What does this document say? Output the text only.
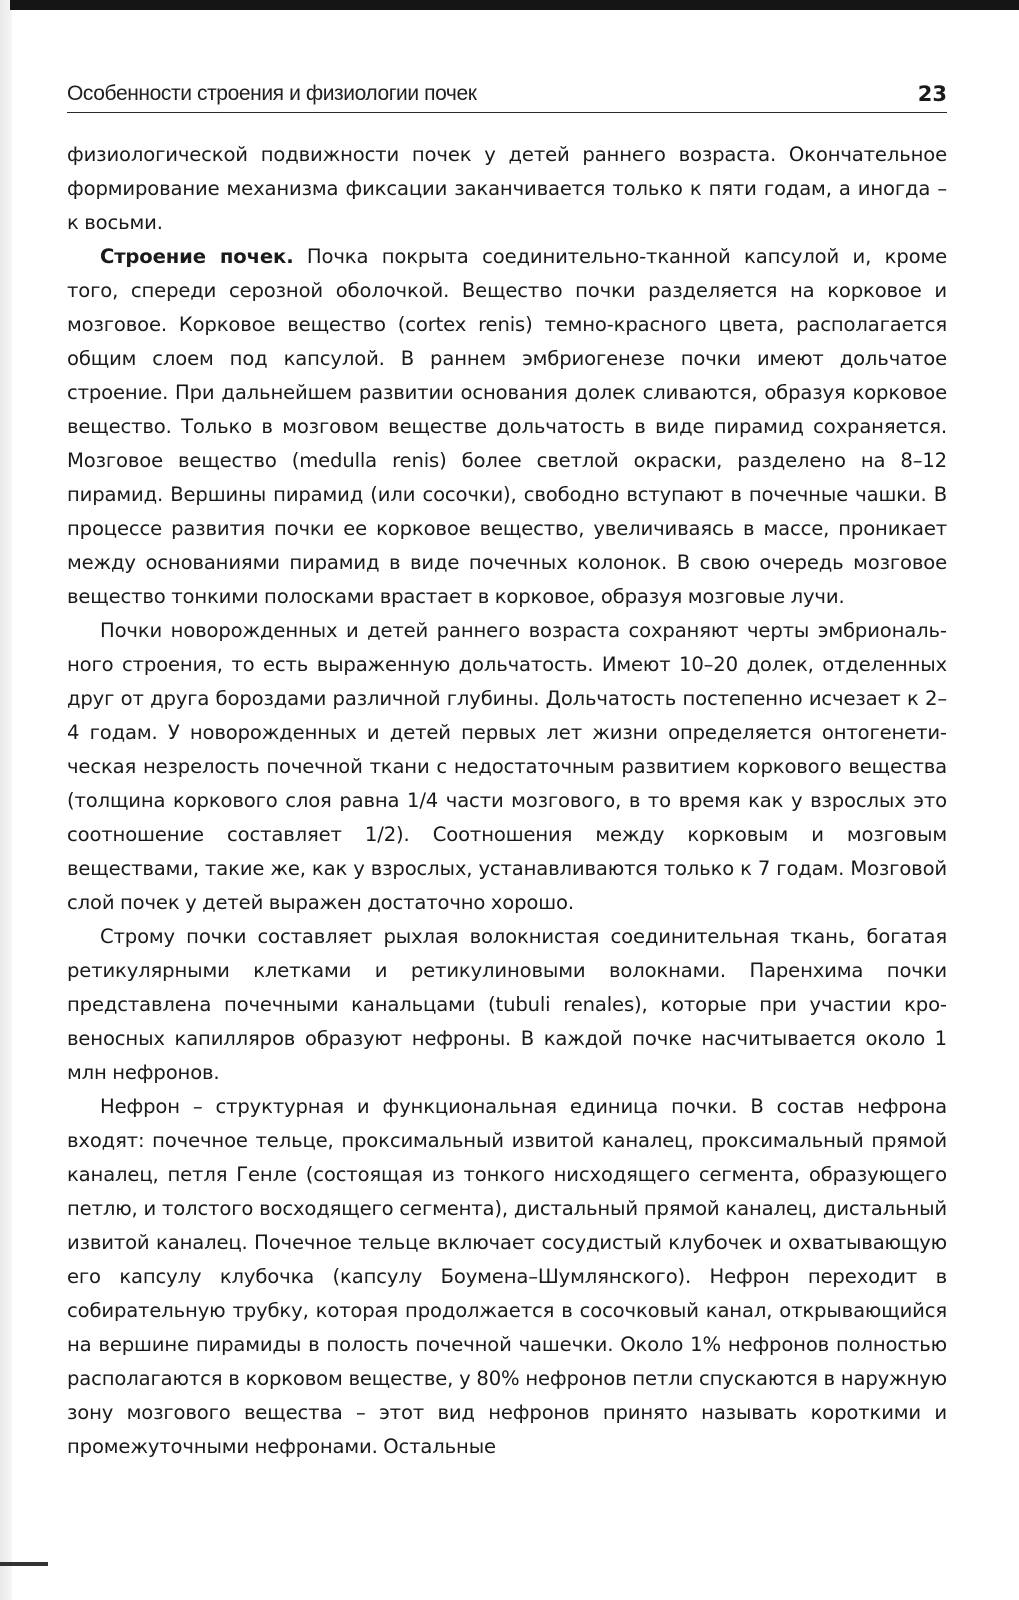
Особенности строения и физиологии почек	23

физиологической подвижности почек у детей раннего возраста. Окончательное формирование механизма фиксации заканчивается только к пяти годам, а иногда – к восьми.

Строение почек. Почка покрыта соединительно-тканной капсулой и, кроме того, спереди серозной оболочкой. Вещество почки разделяется на корковое и мозговое. Корковое вещество (cortex renis) темно-красного цвета, располагается общим слоем под капсулой. В раннем эмбриогенезе почки имеют дольчатое строение. При дальнейшем развитии основания долек сливаются, образуя корковое вещество. Только в мозговом веществе дольчатость в виде пирамид сохраняется. Мозговое вещество (medulla renis) более светлой окраски, разделено на 8–12 пирамид. Вершины пирамид (или сосочки), свободно вступают в почечные чашки. В процессе развития почки ее корковое вещество, увеличиваясь в массе, проникает между основаниями пирамид в виде почечных колонок. В свою очередь мозговое вещество тонкими полосками врастает в корковое, образуя мозговые лучи.

Почки новорожденных и детей раннего возраста сохраняют черты эмбрионального строения, то есть выраженную дольчатость. Имеют 10–20 долек, отделенных друг от друга бороздами различной глубины. Дольчатость постепенно исчезает к 2–4 годам. У новорожденных и детей первых лет жизни определяется онтогенетическая незрелость почечной ткани с недостаточным развитием коркового вещества (толщина коркового слоя равна 1/4 части мозгового, в то время как у взрослых это соотношение составляет 1/2). Соотношения между корковым и мозговым веществами, такие же, как у взрослых, устанавливаются только к 7 годам. Мозговой слой почек у детей выражен достаточно хорошо.

Строму почки составляет рыхлая волокнистая соединительная ткань, богатая ретикулярными клетками и ретикулиновыми волокнами. Паренхима почки представлена почечными канальцами (tubuli renales), которые при участии кровеносных капилляров образуют нефроны. В каждой почке насчитывается около 1 млн нефронов.

Нефрон – структурная и функциональная единица почки. В состав нефрона входят: почечное тельце, проксимальный извитой каналец, проксимальный прямой каналец, петля Генле (состоящая из тонкого нисходящего сегмента, образующего петлю, и толстого восходящего сегмента), дистальный прямой каналец, дистальный извитой каналец. Почечное тельце включает сосудистый клубочек и охватывающую его капсулу клубочка (капсулу Боумена–Шумлянского). Нефрон переходит в собирательную трубку, которая продолжается в сосочковый канал, открывающийся на вершине пирамиды в полость почечной чашечки. Около 1% нефронов полностью располагаются в корковом веществе, у 80% нефронов петли спускаются в наружную зону мозгового вещества – этот вид нефронов принято называть короткими и промежуточными нефронами. Остальные
